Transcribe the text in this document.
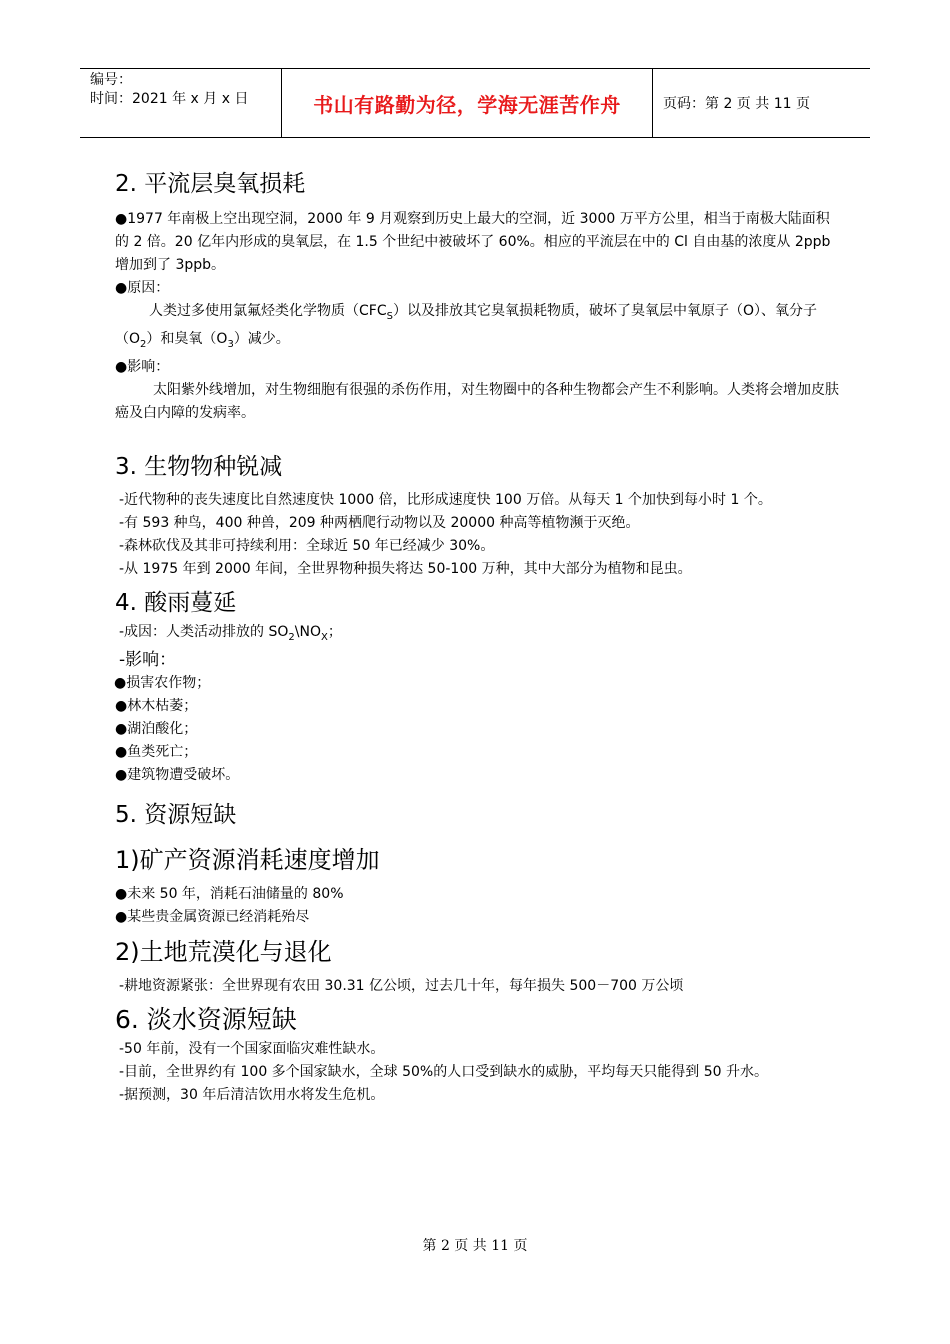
编号：
时间：2021 年 x 月 x 日	书山有路勤为径，学海无涯苦作舟	页码：第 2 页 共 11 页

2. 平流层臭氧损耗

●1977 年南极上空出现空洞，2000 年 9 月观察到历史上最大的空洞，近 3000 万平方公里，相当于南极大陆面积的 2 倍。20 亿年内形成的臭氧层，在 1.5 个世纪中被破坏了 60%。相应的平流层在中的 Cl 自由基的浓度从 2ppb 增加到了 3ppb。

●原因：

人类过多使用氯氟烃类化学物质$(CFC_S)$以及排放其它臭氧损耗物质，破坏了臭氧层中氧原子（O）、氧分子$(O_2)$和臭氧$(O_3)$减少。

●影响：

太阳紫外线增加，对生物细胞有很强的杀伤作用，对生物圈中的各种生物都会产生不利影响。人类将会增加皮肤癌及白内障的发病率。

3. 生物物种锐减

-近代物种的丧失速度比自然速度快 1000 倍，比形成速度快 100 万倍。从每天 1 个加快到每小时 1 个。

-有 593 种鸟，400 种兽，209 种两栖爬行动物以及 20000 种高等植物濒于灭绝。

-森林砍伐及其非可持续利用：全球近 50 年已经减少 30%。

-从 1975 年到 2000 年间，全世界物种损失将达 50-100 万种，其中大部分为植物和昆虫。

4. 酸雨蔓延

-成因：人类活动排放的 $SO_2\backslash NO_X$；

-影响：

●损害农作物；

●林木枯萎；

●湖泊酸化；

●鱼类死亡；

●建筑物遭受破坏。

5. 资源短缺

1)矿产资源消耗速度增加

●未来 50 年，消耗石油储量的 80%

●某些贵金属资源已经消耗殆尽

2)土地荒漠化与退化

-耕地资源紧张：全世界现有农田 30.31 亿公顷，过去几十年，每年损失 500－700 万公顷

6. 淡水资源短缺

-50 年前，没有一个国家面临灾难性缺水。

-目前，全世界约有 100 多个国家缺水，全球 50%的人口受到缺水的威胁，平均每天只能得到 50 升水。

-据预测，30 年后清洁饮用水将发生危机。

第 2 页 共 11 页
